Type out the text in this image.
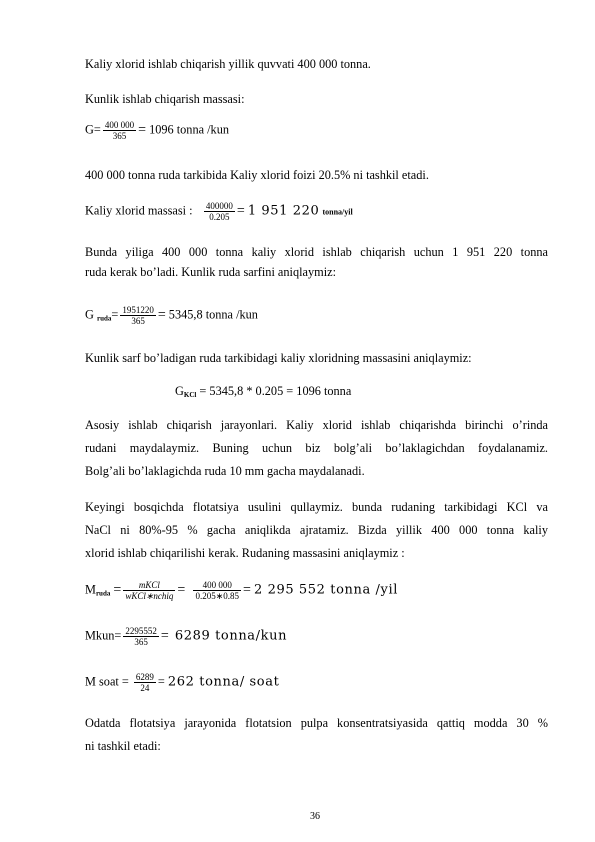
Kaliy xlorid ishlab chiqarish yillik quvvati 400 000 tonna.
Kunlik ishlab chiqarish massasi:
$G= \frac{400 000}{365} = 1096$ tonna /kun
400 000 tonna ruda tarkibida Kaliy xlorid foizi 20.5% ni tashkil etadi.
Kaliy xlorid massasi : $\frac{400000}{0.205} = 1$ 951 220 tonna/yil
Bunda yiliga 400 000 tonna kaliy xlorid ishlab chiqarish uchun 1 951 220 tonna
ruda kerak bo’ladi. Kunlik ruda sarfini aniqlaymiz:
G $_{ruda}= \frac{1951220}{365} = 5345,8$ tonna /kun
Kunlik sarf bo’ladigan ruda tarkibidagi kaliy xloridning massasini aniqlaymiz:
$G_{KCl} = 5345,8 * 0.205 = 1096$ tonna
Asosiy ishlab chiqarish jarayonlari. Kaliy xlorid ishlab chiqarishda birinchi o’rinda
rudani maydalaymiz. Buning uchun biz bolg’ali bo’laklagichdan foydalanamiz.
Bolg’ali bo’laklagichda ruda 10 mm gacha maydalanadi.
Keyingi bosqichda flotatsiya usulini qullaymiz. bunda rudaning tarkibidagi KCl va
NaCl ni 80%-95 % gacha aniqlikda ajratamiz. Bizda yillik 400 000 tonna kaliy
xlorid ishlab chiqarilishi kerak. Rudaning massasini aniqlaymiz :
$M_{ruda} = \frac{\text{mKCl}}{\text{wKCl∗nchiq}} = \frac{400 000}{0.205∗0.85} = 2$ 295 552 tonna /yil
Mkun= $\frac{2295552}{365} = 6289$ tonna/kun
M soat = $\frac{6289}{24} = 262$ tonna/ soat
Odatda flotatsiya jarayonida flotatsion pulpa konsentratsiyasida qattiq modda 30 %
ni tashkil etadi:
36
